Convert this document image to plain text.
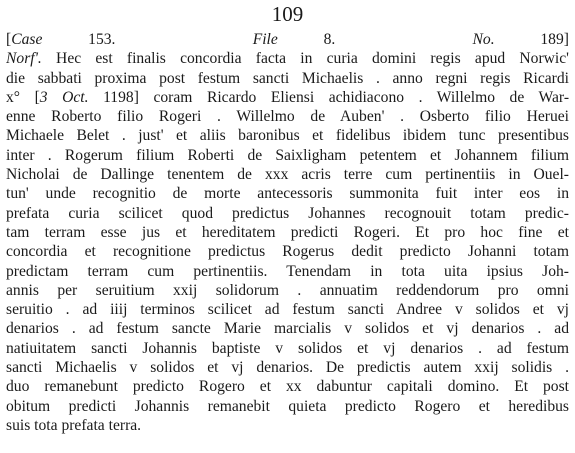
109
[Case	153.	File	8.	No.	189]
Norf'. Hec est finalis concordia facta in curia domini regis apud Norwic'
die sabbati proxima post festum sancti Michaelis . anno regni regis Ricardi
x° [3 Oct. 1198] coram Ricardo Eliensi achidiacono . Willelmo de War-
enne Roberto filio Rogeri . Willelmo de Auben' . Osberto filio Heruei
Michaele Belet . just' et aliis baronibus et fidelibus ibidem tunc presentibus
inter . Rogerum filium Roberti de Saixligham petentem et Johannem filium
Nicholai de Dallinge tenentem de xxx acris terre cum pertinentiis in Ouel-
tun' unde recognitio de morte antecessoris summonita fuit inter eos in
prefata curia scilicet quod predictus Johannes recognouit totam predic-
tam terram esse jus et hereditatem predicti Rogeri. Et pro hoc fine et
concordia et recognitione predictus Rogerus dedit predicto Johanni totam
predictam terram cum pertinentiis. Tenendam in tota uita ipsius Joh-
annis per seruitium xxij solidorum . annuatim reddendorum pro omni
seruitio . ad iiij terminos scilicet ad festum sancti Andree v solidos et vj
denarios . ad festum sancte Marie marcialis v solidos et vj denarios . ad
natiuitatem sancti Johannis baptiste v solidos et vj denarios . ad festum
sancti Michaelis v solidos et vj denarios. De predictis autem xxij solidis .
duo remanebunt predicto Rogero et xx dabuntur capitali domino. Et post
obitum predicti Johannis remanebit quieta predicto Rogero et heredibus
suis tota prefata terra.
